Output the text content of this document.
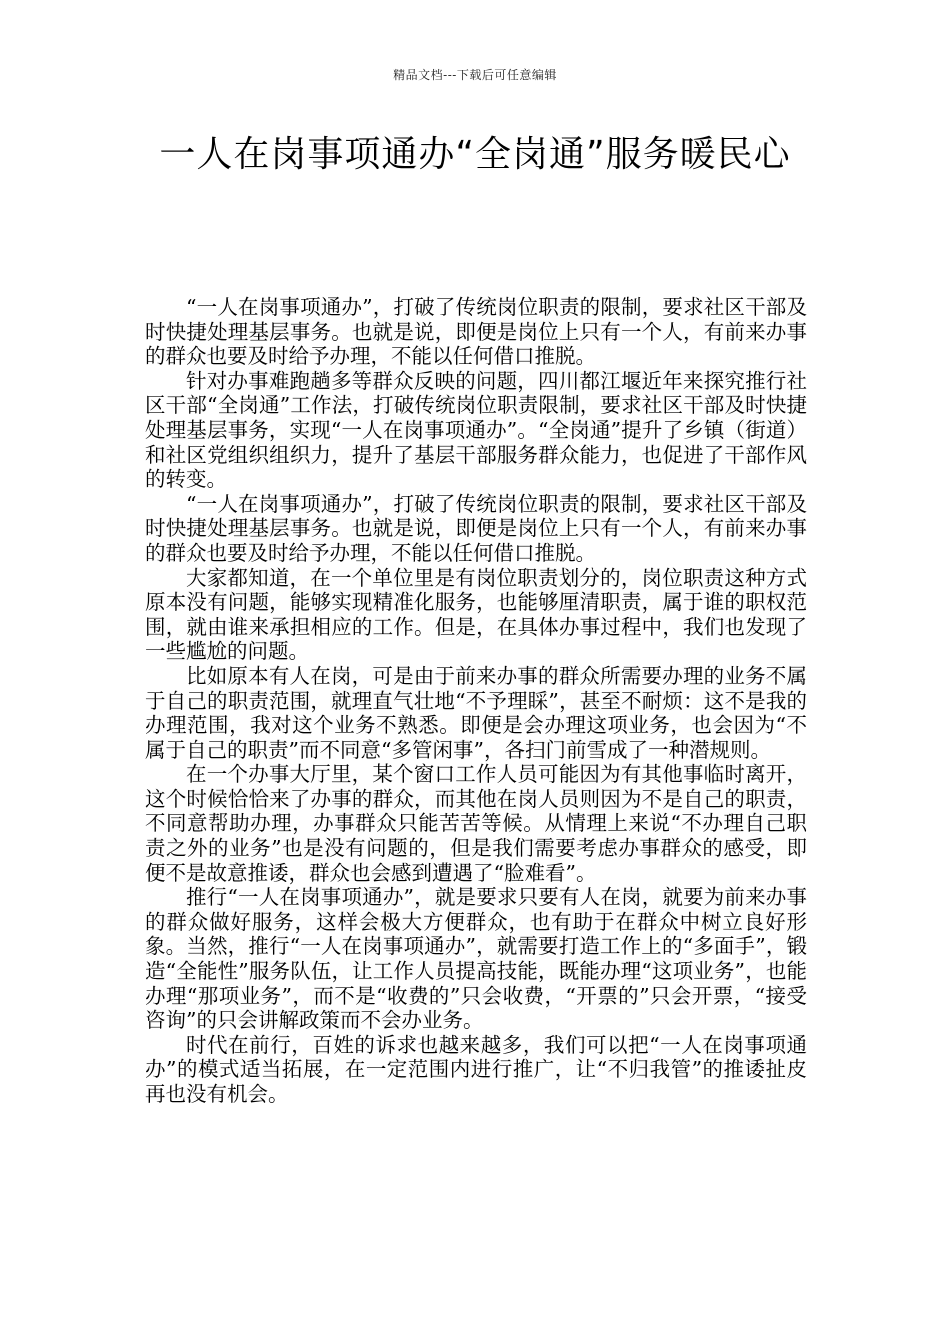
精品文档---下载后可任意编辑
一人在岗事项通办“全岗通”服务暖民心

“一人在岗事项通办”，打破了传统岗位职责的限制，要求社区干部及时快捷处理基层事务。也就是说，即便是岗位上只有一个人，有前来办事的群众也要及时给予办理，不能以任何借口推脱。

针对办事难跑趟多等群众反映的问题，四川都江堰近年来探究推行社区干部“全岗通”工作法，打破传统岗位职责限制，要求社区干部及时快捷处理基层事务，实现“一人在岗事项通办”。“全岗通”提升了乡镇（街道）和社区党组织组织力，提升了基层干部服务群众能力，也促进了干部作风的转变。

“一人在岗事项通办”，打破了传统岗位职责的限制，要求社区干部及时快捷处理基层事务。也就是说，即便是岗位上只有一个人，有前来办事的群众也要及时给予办理，不能以任何借口推脱。

大家都知道，在一个单位里是有岗位职责划分的，岗位职责这种方式原本没有问题，能够实现精准化服务，也能够厘清职责，属于谁的职权范围，就由谁来承担相应的工作。但是，在具体办事过程中，我们也发现了一些尴尬的问题。

比如原本有人在岗，可是由于前来办事的群众所需要办理的业务不属于自己的职责范围，就理直气壮地“不予理睬”，甚至不耐烦：这不是我的办理范围，我对这个业务不熟悉。即便是会办理这项业务，也会因为“不属于自己的职责”而不同意“多管闲事”，各扫门前雪成了一种潜规则。

在一个办事大厅里，某个窗口工作人员可能因为有其他事临时离开，这个时候恰恰来了办事的群众，而其他在岗人员则因为不是自己的职责，不同意帮助办理，办事群众只能苦苦等候。从情理上来说“不办理自己职责之外的业务”也是没有问题的，但是我们需要考虑办事群众的感受，即便不是故意推诿，群众也会感到遭遇了“脸难看”。

推行“一人在岗事项通办”，就是要求只要有人在岗，就要为前来办事的群众做好服务，这样会极大方便群众，也有助于在群众中树立良好形象。当然，推行“一人在岗事项通办”，就需要打造工作上的“多面手”，锻造“全能性”服务队伍，让工作人员提高技能，既能办理“这项业务”，也能办理“那项业务”，而不是“收费的”只会收费，“开票的”只会开票，“接受咨询”的只会讲解政策而不会办业务。

时代在前行，百姓的诉求也越来越多，我们可以把“一人在岗事项通办”的模式适当拓展，在一定范围内进行推广，让“不归我管”的推诿扯皮再也没有机会。
